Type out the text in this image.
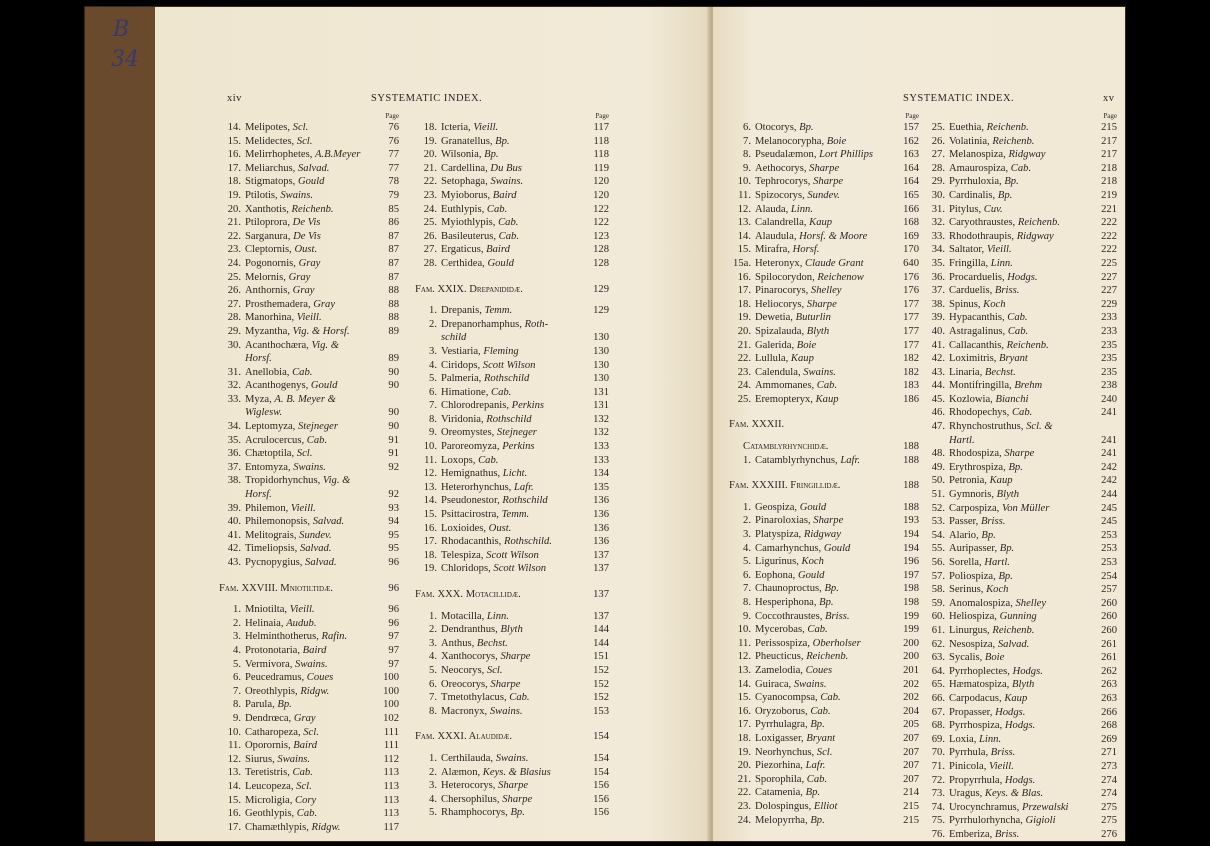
B
34
xiv	SYSTEMATIC INDEX.
Page
14. Melipotes, Scl.	76
15. Melidectes, Scl.	76
16. Melirrhophetes, A.B.Meyer	77
17. Meliarchus, Salvad.	77
18. Stigmatops, Gould	78
19. Ptilotis, Swains.	79
20. Xanthotis, Reichenb.	85
21. Ptiloprora, De Vis	86
22. Sarganura, De Vis	87
23. Cleptornis, Oust.	87
24. Pogonornis, Gray	87
25. Melornis, Gray	87
26. Anthornis, Gray	88
27. Prosthemadera, Gray	88
28. Manorhina, Vieill.	88
29. Myzantha, Vig. & Horsf.	89
30. Acanthochæra, Vig. &
Horsf.	89
31. Anellobia, Cab.	90
32. Acanthogenys, Gould	90
33. Myza, A. B. Meyer &
Wiglesw.	90
34. Leptomyza, Stejneger	90
35. Acrulocercus, Cab.	91
36. Chætoptila, Scl.	91
37. Entomyza, Swains.	92
38. Tropidorhynchus, Vig. &
Horsf.	92
39. Philemon, Vieill.	93
40. Philemonopsis, Salvad.	94
41. Melitograis, Sundev.	95
42. Timeliopsis, Salvad.	95
43. Pycnopygius, Salvad.	96
Fam. XXVIII. Mniotiltidæ.	96
1. Mniotilta, Vieill.	96
2. Helinaia, Audub.	96
3. Helminthotherus, Rafin.	97
4. Protonotaria, Baird	97
5. Vermivora, Swains.	97
6. Peucedramus, Coues	100
7. Oreothlypis, Ridgw.	100
8. Parula, Bp.	100
9. Dendrœca, Gray	102
10. Catharopeza, Scl.	111
11. Oporornis, Baird	111
12. Siurus, Swains.	112
13. Teretistris, Cab.	113
14. Leucopeza, Scl.	113
15. Microligia, Cory	113
16. Geothlypis, Cab.	113
17. Chamæthlypis, Ridgw.	117
Page
18. Icteria, Vieill.	117
19. Granatellus, Bp.	118
20. Wilsonia, Bp.	118
21. Cardellina, Du Bus	119
22. Setophaga, Swains.	120
23. Myioborus, Baird	120
24. Euthlypis, Cab.	122
25. Myiothlypis, Cab.	122
26. Basileuterus, Cab.	123
27. Ergaticus, Baird	128
28. Certhidea, Gould	128
Fam. XXIX. Drepanididæ.	129
1. Drepanis, Temm.	129
2. Drepanorhamphus, Roth-
schild	130
3. Vestiaria, Fleming	130
4. Ciridops, Scott Wilson	130
5. Palmeria, Rothschild	130
6. Himatione, Cab.	131
7. Chlorodrepanis, Perkins	131
8. Viridonia, Rothschild	132
9. Oreomystes, Stejneger	132
10. Paroreomyza, Perkins	133
11. Loxops, Cab.	133
12. Hemignathus, Licht.	134
13. Heterorhynchus, Lafr.	135
14. Pseudonestor, Rothschild	136
15. Psittacirostra, Temm.	136
16. Loxioides, Oust.	136
17. Rhodacanthis, Rothschild.	136
18. Telespiza, Scott Wilson	137
19. Chloridops, Scott Wilson	137
Fam. XXX. Motacillidæ.	137
1. Motacilla, Linn.	137
2. Dendranthus, Blyth	144
3. Anthus, Bechst.	144
4. Xanthocorys, Sharpe	151
5. Neocorys, Scl.	152
6. Oreocorys, Sharpe	152
7. Tmetothylacus, Cab.	152
8. Macronyx, Swains.	153
Fam. XXXI. Alaudidæ.	154
1. Certhilauda, Swains.	154
2. Alæmon, Keys. & Blasius	154
3. Heterocorys, Sharpe	156
4. Chersophilus, Sharpe	156
5. Rhamphocorys, Bp.	156
SYSTEMATIC INDEX.	xv
Page
6. Otocorys, Bp.	157
7. Melanocorypha, Boie	162
8. Pseudalæmon, Lort Phillips	163
9. Aethocorys, Sharpe	164
10. Tephrocorys, Sharpe	164
11. Spizocorys, Sundev.	165
12. Alauda, Linn.	166
13. Calandrella, Kaup	168
14. Alaudula, Horsf. & Moore	169
15. Mirafra, Horsf.	170
15a. Heteronyx, Claude Grant	640
16. Spilocorydon, Reichenow	176
17. Pinarocorys, Shelley	176
18. Heliocorys, Sharpe	177
19. Dewetia, Buturlin	177
20. Spizalauda, Blyth	177
21. Galerida, Boie	177
22. Lullula, Kaup	182
23. Calendula, Swains.	182
24. Ammomanes, Cab.	183
25. Eremopteryx, Kaup	186
Fam. XXXII.
Catamblyrhynchidæ.	188
1. Catamblyrhynchus, Lafr.	188
Fam. XXXIII. Fringillidæ.	188
1. Geospiza, Gould	188
2. Pinaroloxias, Sharpe	193
3. Platyspiza, Ridgway	194
4. Camarhynchus, Gould	194
5. Ligurinus, Koch	196
6. Eophona, Gould	197
7. Chaunoproctus, Bp.	198
8. Hesperiphona, Bp.	198
9. Coccothraustes, Briss.	199
10. Mycerobas, Cab.	199
11. Perissospiza, Oberholser	200
12. Pheucticus, Reichenb.	200
13. Zamelodia, Coues	201
14. Guiraca, Swains.	202
15. Cyanocompsa, Cab.	202
16. Oryzoborus, Cab.	204
17. Pyrrhulagra, Bp.	205
18. Loxigasser, Bryant	207
19. Neorhynchus, Scl.	207
20. Piezorhina, Lafr.	207
21. Sporophila, Cab.	207
22. Catamenia, Bp.	214
23. Dolospingus, Elliot	215
24. Melopyrrha, Bp.	215
Page
25. Euethia, Reichenb.	215
26. Volatinia, Reichenb.	217
27. Melanospiza, Ridgway	217
28. Amaurospiza, Cab.	218
29. Pyrrhuloxia, Bp.	218
30. Cardinalis, Bp.	219
31. Pitylus, Cuv.	221
32. Caryothraustes, Reichenb.	222
33. Rhodothraupis, Ridgway	222
34. Saltator, Vieill.	222
35. Fringilla, Linn.	225
36. Procarduelis, Hodgs.	227
37. Carduelis, Briss.	227
38. Spinus, Koch	229
39. Hypacanthis, Cab.	233
40. Astragalinus, Cab.	233
41. Callacanthis, Reichenb.	235
42. Loximitris, Bryant	235
43. Linaria, Bechst.	235
44. Montifringilla, Brehm	238
45. Kozlowia, Bianchi	240
46. Rhodopechys, Cab.	241
47. Rhynchostruthus, Scl. &
Hartl.	241
48. Rhodospiza, Sharpe	241
49. Erythrospiza, Bp.	242
50. Petronia, Kaup	242
51. Gymnoris, Blyth	244
52. Carpospiza, Von Müller	245
53. Passer, Briss.	245
54. Alario, Bp.	253
55. Auripasser, Bp.	253
56. Sorella, Hartl.	253
57. Poliospiza, Bp.	254
58. Serinus, Koch	257
59. Anomalospiza, Shelley	260
60. Heliospiza, Gunning	260
61. Linurgus, Reichenb.	260
62. Nesospiza, Salvad.	261
63. Sycalis, Boie	261
64. Pyrrhoplectes, Hodgs.	262
65. Hæmatospiza, Blyth	263
66. Carpodacus, Kaup	263
67. Propasser, Hodgs.	266
68. Pyrrhospiza, Hodgs.	268
69. Loxia, Linn.	269
70. Pyrrhula, Briss.	271
71. Pinicola, Vieill.	273
72. Propyrrhula, Hodgs.	274
73. Uragus, Keys. & Blas.	274
74. Urocynchramus, Przewalski	275
75. Pyrrhulorhyncha, Gigioli	275
76. Emberiza, Briss.	276
